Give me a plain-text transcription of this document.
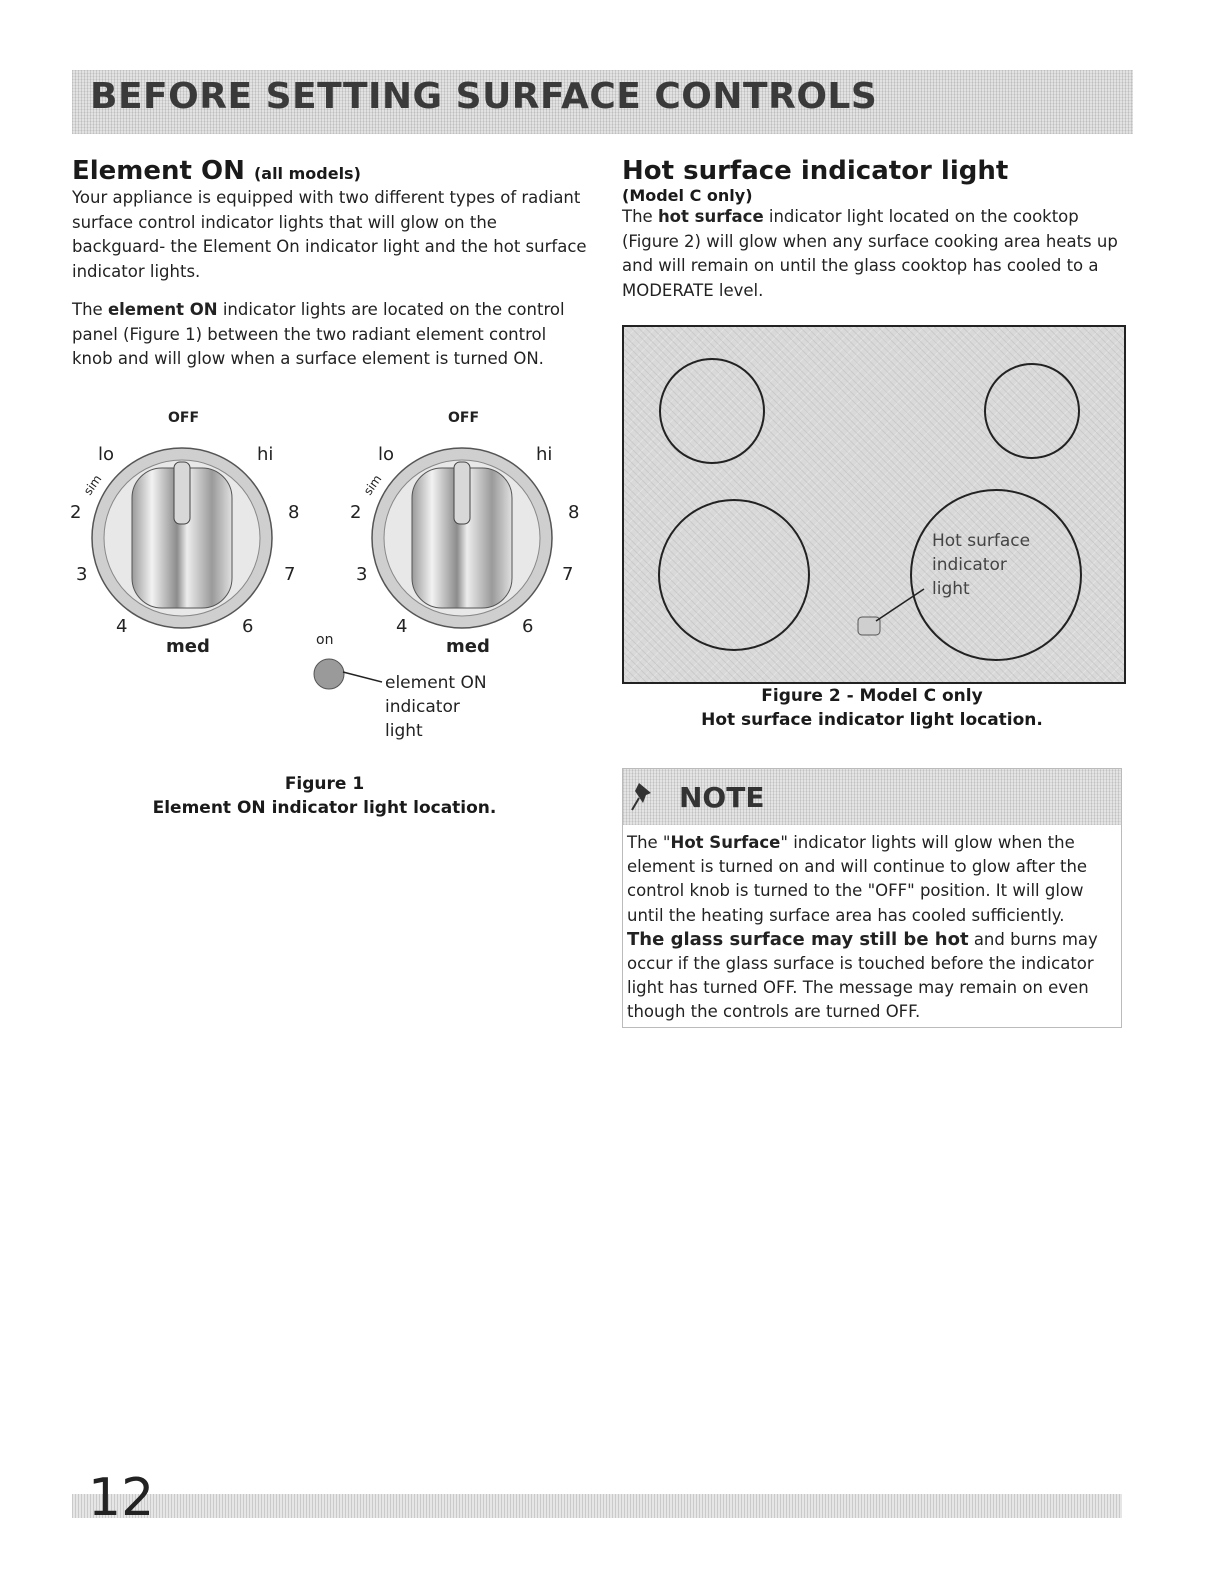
BEFORE SETTING SURFACE CONTROLS
Element ON (all models)

Your appliance is equipped with two different types of radiant surface control indicator lights that will glow on the backguard- the Element On indicator light and the hot surface indicator lights.

The element ON indicator lights are located on the control panel (Figure 1) between the two radiant element control knob and will glow when a surface element is turned ON.

OFF
lo	hi
sim
2	8
3	7
4	6
med
OFF
lo	hi
sim
2	8
3	7
4	6
med
on
element ON
indicator
light
Figure 1
Element ON indicator light location.
Hot surface indicator light

(Model C only)

The hot surface indicator light located on the cooktop (Figure 2) will glow when any surface cooking area heats up and will remain on until the glass cooktop has cooled to a MODERATE level.

Hot surface
indicator
light
Figure 2 - Model C only
Hot surface indicator light location.
NOTE

The "Hot Surface" indicator lights will glow when the element is turned on and will continue to glow after the control knob is turned to the "OFF" position. It will glow until the heating surface area has cooled sufficiently.
The glass surface may still be hot and burns may occur if the glass surface is touched before the indicator light has turned OFF. The message may remain on even though the controls are turned OFF.

12
